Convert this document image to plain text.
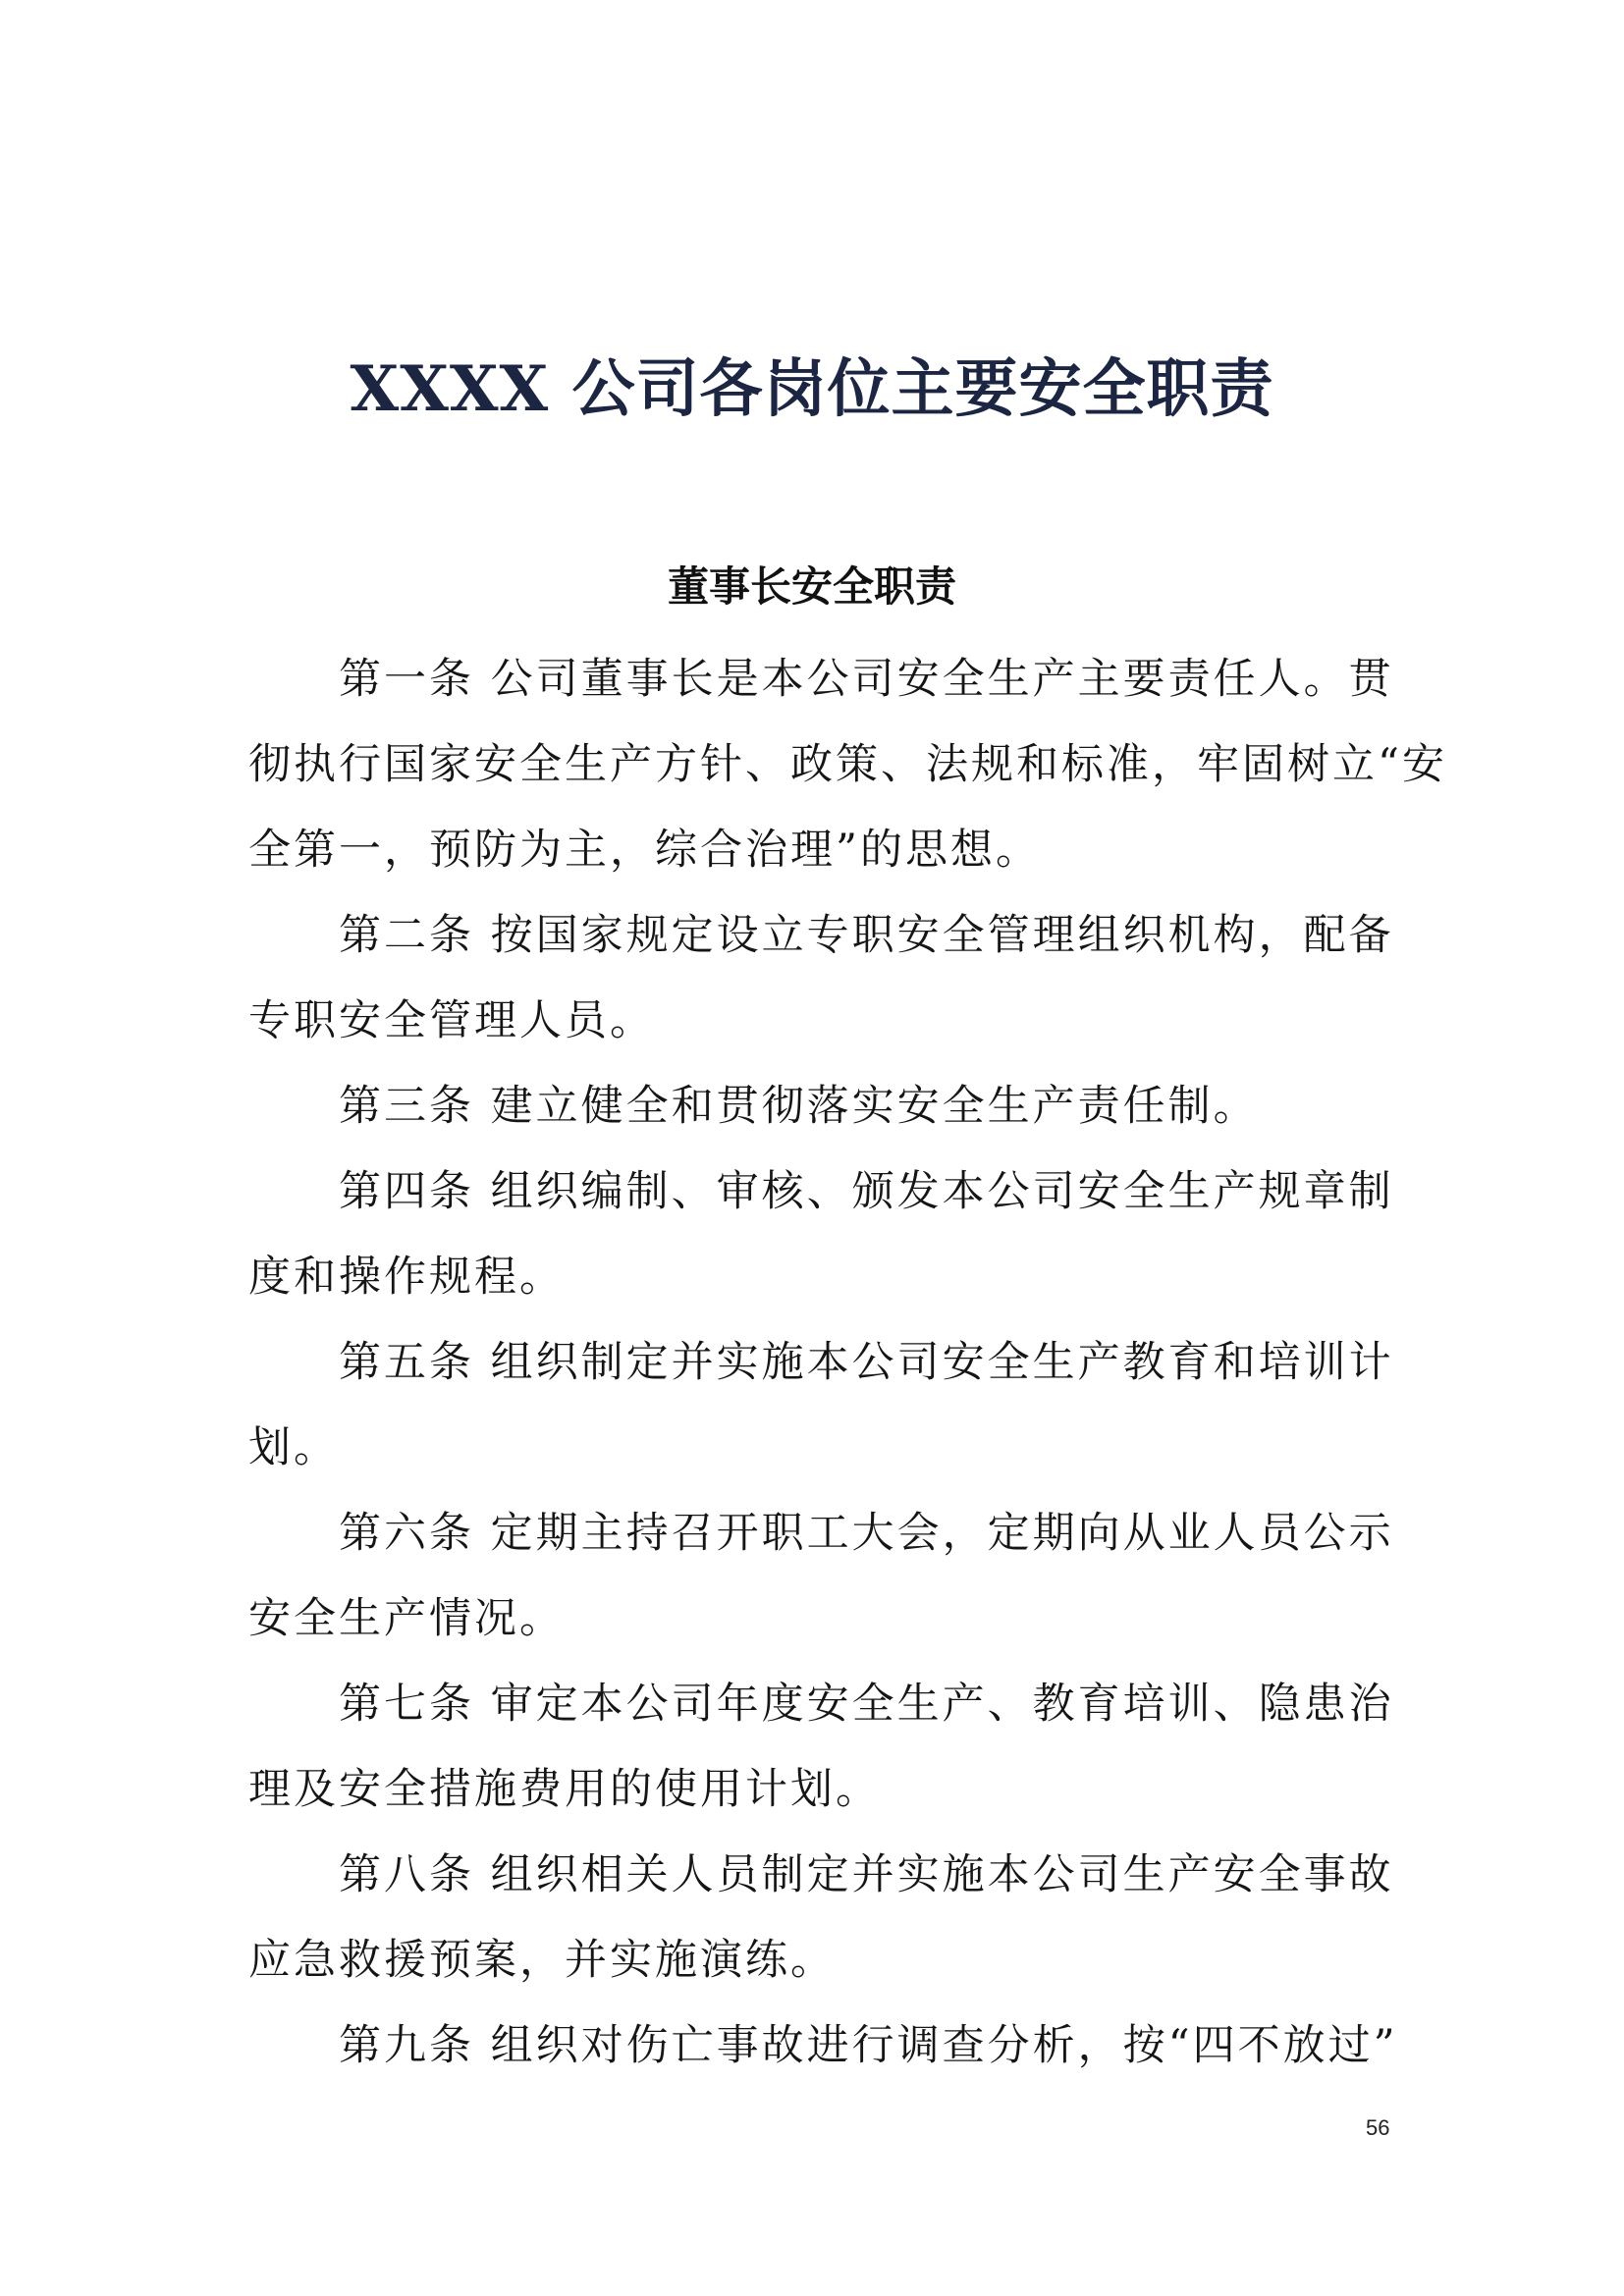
XXXX 公司各岗位主要安全职责
董事长安全职责
第一条 公司董事长是本公司安全生产主要责任人。贯
彻执行国家安全生产方针、政策、法规和标准，牢固树立“安
全第一，预防为主，综合治理”的思想。
第二条 按国家规定设立专职安全管理组织机构，配备
专职安全管理人员。
第三条 建立健全和贯彻落实安全生产责任制。
第四条 组织编制、审核、颁发本公司安全生产规章制
度和操作规程。
第五条 组织制定并实施本公司安全生产教育和培训计
划。
第六条 定期主持召开职工大会，定期向从业人员公示
安全生产情况。
第七条 审定本公司年度安全生产、教育培训、隐患治
理及安全措施费用的使用计划。
第八条 组织相关人员制定并实施本公司生产安全事故
应急救援预案，并实施演练。
第九条 组织对伤亡事故进行调查分析，按“四不放过”
56
